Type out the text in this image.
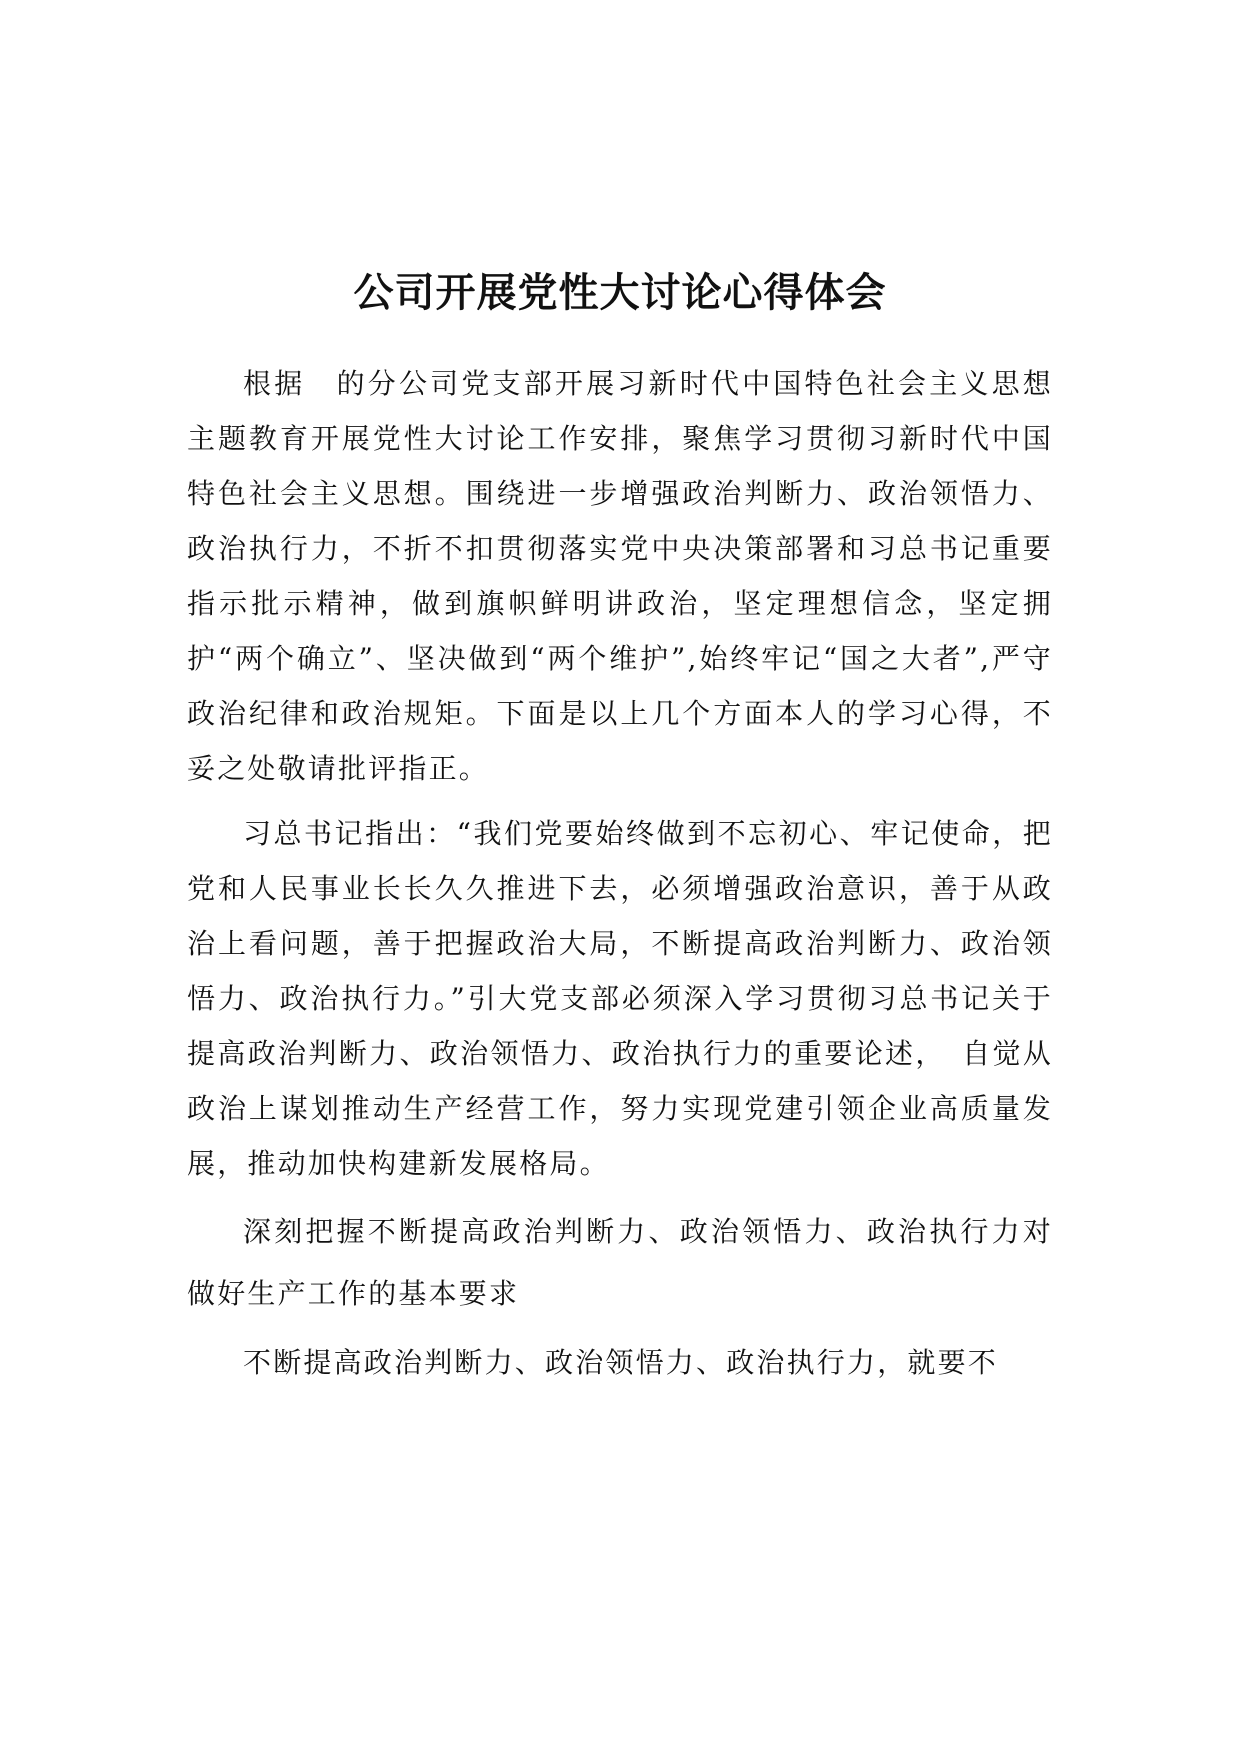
公司开展党性大讨论心得体会

根据　的分公司党支部开展习新时代中国特色社会主义思想主题教育开展党性大讨论工作安排，聚焦学习贯彻习新时代中国特色社会主义思想。围绕进一步增强政治判断力、政治领悟力、政治执行力，不折不扣贯彻落实党中央决策部署和习总书记重要指示批示精神，做到旗帜鲜明讲政治，坚定理想信念，坚定拥护“两个确立”、坚决做到“两个维护”,始终牢记“国之大者”,严守政治纪律和政治规矩。下面是以上几个方面本人的学习心得，不妥之处敬请批评指正。

习总书记指出：“我们党要始终做到不忘初心、牢记使命，把党和人民事业长长久久推进下去，必须增强政治意识，善于从政治上看问题，善于把握政治大局，不断提高政治判断力、政治领悟力、政治执行力。”引大党支部必须深入学习贯彻习总书记关于提高政治判断力、政治领悟力、政治执行力的重要论述，　自觉从政治上谋划推动生产经营工作，努力实现党建引领企业高质量发展，推动加快构建新发展格局。

深刻把握不断提高政治判断力、政治领悟力、政治执行力对做好生产工作的基本要求

不断提高政治判断力、政治领悟力、政治执行力，就要不
